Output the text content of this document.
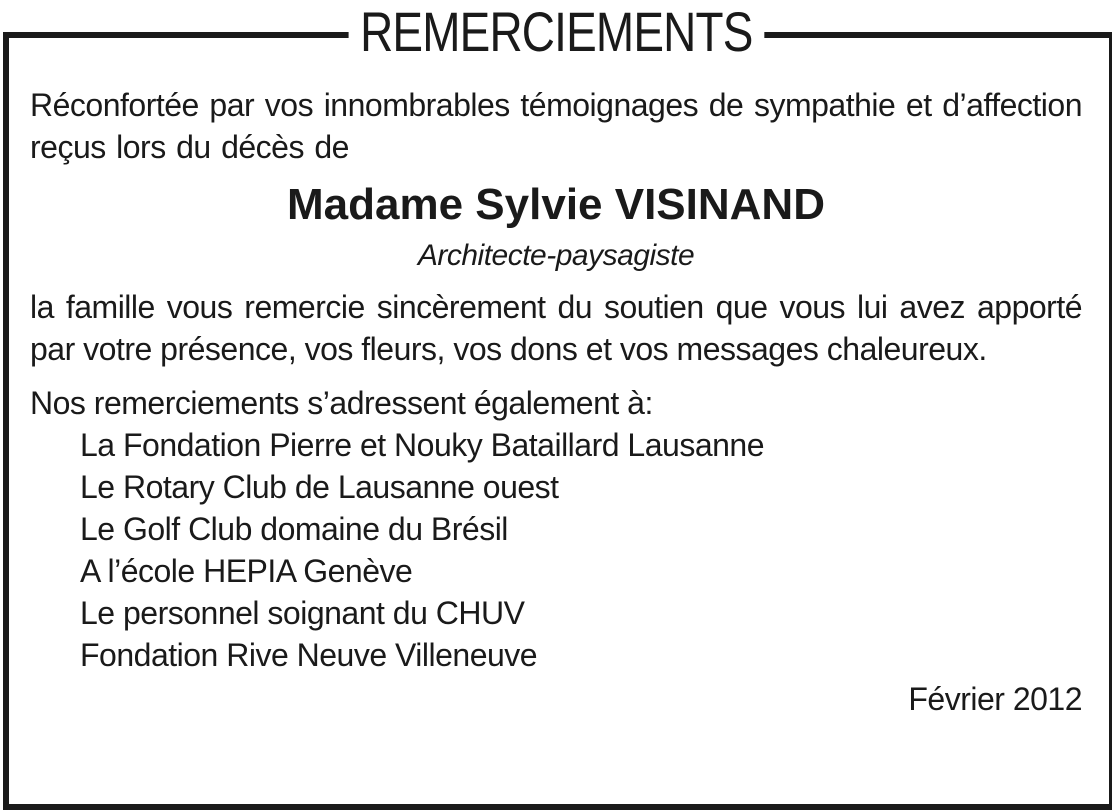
REMERCIEMENTS

Réconfortée par vos innombrables témoignages de sympathie et d’affection reçus lors du décès de

Madame Sylvie VISINAND

Architecte-paysagiste

la famille vous remercie sincèrement du soutien que vous lui avez apporté par votre présence, vos fleurs, vos dons et vos messages chaleureux.

Nos remerciements s’adressent également à:

La Fondation Pierre et Nouky Bataillard Lausanne
Le Rotary Club de Lausanne ouest
Le Golf Club domaine du Brésil
A l’école HEPIA Genève
Le personnel soignant du CHUV
Fondation Rive Neuve Villeneuve

Février 2012
